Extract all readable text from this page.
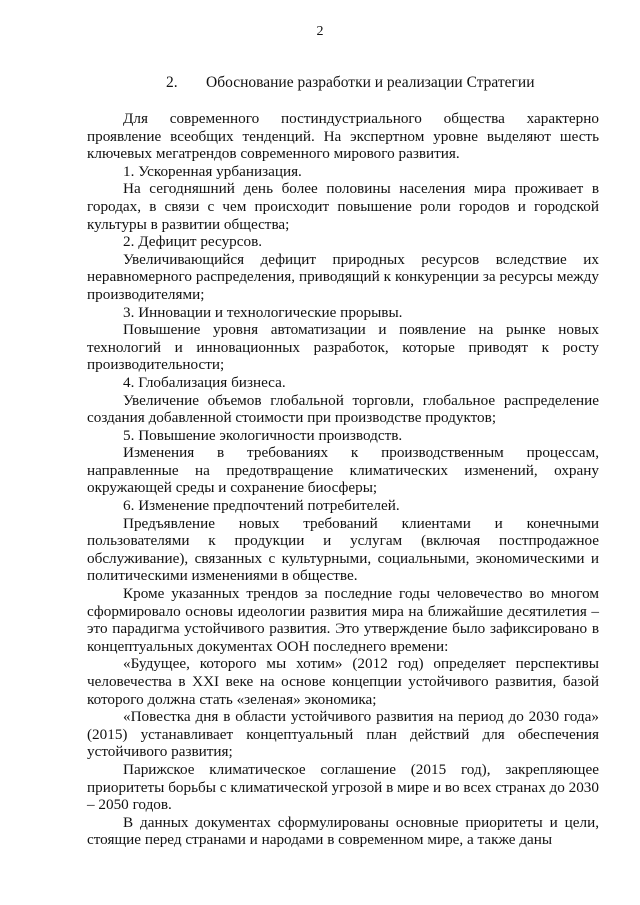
2
2. Обоснование разработки и реализации Стратегии

Для современного постиндустриального общества характерно проявление всеобщих тенденций. На экспертном уровне выделяют шесть ключевых мегатрендов современного мирового развития.

1. Ускоренная урбанизация.

На сегодняшний день более половины населения мира проживает в городах, в связи с чем происходит повышение роли городов и городской культуры в развитии общества;

2. Дефицит ресурсов.

Увеличивающийся дефицит природных ресурсов вследствие их неравномерного распределения, приводящий к конкуренции за ресурсы между производителями;

3. Инновации и технологические прорывы.

Повышение уровня автоматизации и появление на рынке новых технологий и инновационных разработок, которые приводят к росту производительности;

4. Глобализация бизнеса.

Увеличение объемов глобальной торговли, глобальное распределение создания добавленной стоимости при производстве продуктов;

5. Повышение экологичности производств.

Изменения в требованиях к производственным процессам, направленные на предотвращение климатических изменений, охрану окружающей среды и сохранение биосферы;

6. Изменение предпочтений потребителей.

Предъявление новых требований клиентами и конечными пользователями к продукции и услугам (включая постпродажное обслуживание), связанных с культурными, социальными, экономическими и политическими изменениями в обществе.

Кроме указанных трендов за последние годы человечество во многом сформировало основы идеологии развития мира на ближайшие десятилетия – это парадигма устойчивого развития. Это утверждение было зафиксировано в концептуальных документах ООН последнего времени:

«Будущее, которого мы хотим» (2012 год) определяет перспективы человечества в XXI веке на основе концепции устойчивого развития, базой которого должна стать «зеленая» экономика;

«Повестка дня в области устойчивого развития на период до 2030 года» (2015) устанавливает концептуальный план действий для обеспечения устойчивого развития;

Парижское климатическое соглашение (2015 год), закрепляющее приоритеты борьбы с климатической угрозой в мире и во всех странах до 2030 – 2050 годов.

В данных документах сформулированы основные приоритеты и цели, стоящие перед странами и народами в современном мире, а также даны
